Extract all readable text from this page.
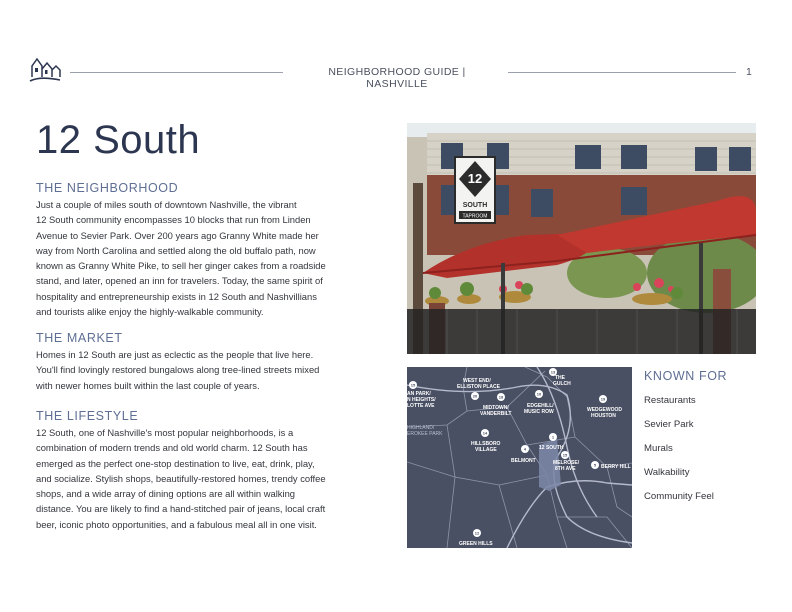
NEIGHBORHOOD GUIDE | NASHVILLE
1
12 South
THE NEIGHBORHOOD
Just a couple of miles south of downtown Nashville, the vibrant
12 South community encompasses 10 blocks that run from Linden
Avenue to Sevier Park. Over 200 years ago Granny White made her
way from North Carolina and settled along the old buffalo path, now
known as Granny White Pike, to sell her ginger cakes from a roadside
stand, and later, opened an inn for travelers. Today, the same spirit of
hospitality and entrepreneurship exists in 12 South and Nashvillians
and tourists alike enjoy the highly-walkable community.
THE MARKET
Homes in 12 South are just as eclectic as the people that live here.
You'll find lovingly restored bungalows along tree-lined streets mixed
with newer homes built within the last couple of years.
THE LIFESTYLE
12 South, one of Nashville's most popular neighborhoods, is a
combination of modern trends and old world charm. 12 South has
emerged as the perfect one-stop destination to live, eat, drink, play,
and socialize. Stylish shops, beautifully-restored homes, trendy coffee
shops, and a wide array of dining options are all within walking
distance. You are likely to find a hand-stitched pair of jeans, local craft
beer, iconic photo opportunities, and a fabulous meal all in one visit.
12
SOUTH
TAPROOM
15
20
13
18
10
19
14
4
1
15
5
12
WEST END/
ELLISTON PLACE
THE
GULCH
AN PARK/
N HEIGHTS/
LOTTE AVE	MIDTOWN/
VANDERBILT
EDGEHILL/
MUSIC ROW	WEDGEWOOD
HOUSTON
HIGHLAND/
EROKEE PARK
HILLSBORO
VILLAGE	12 SOUTH
BELMONT	MELROSE/
8TH AVE	BERRY HILL
GREEN HILLS
KNOWN FOR
Restaurants
Sevier Park
Murals
Walkability
Community Feel
